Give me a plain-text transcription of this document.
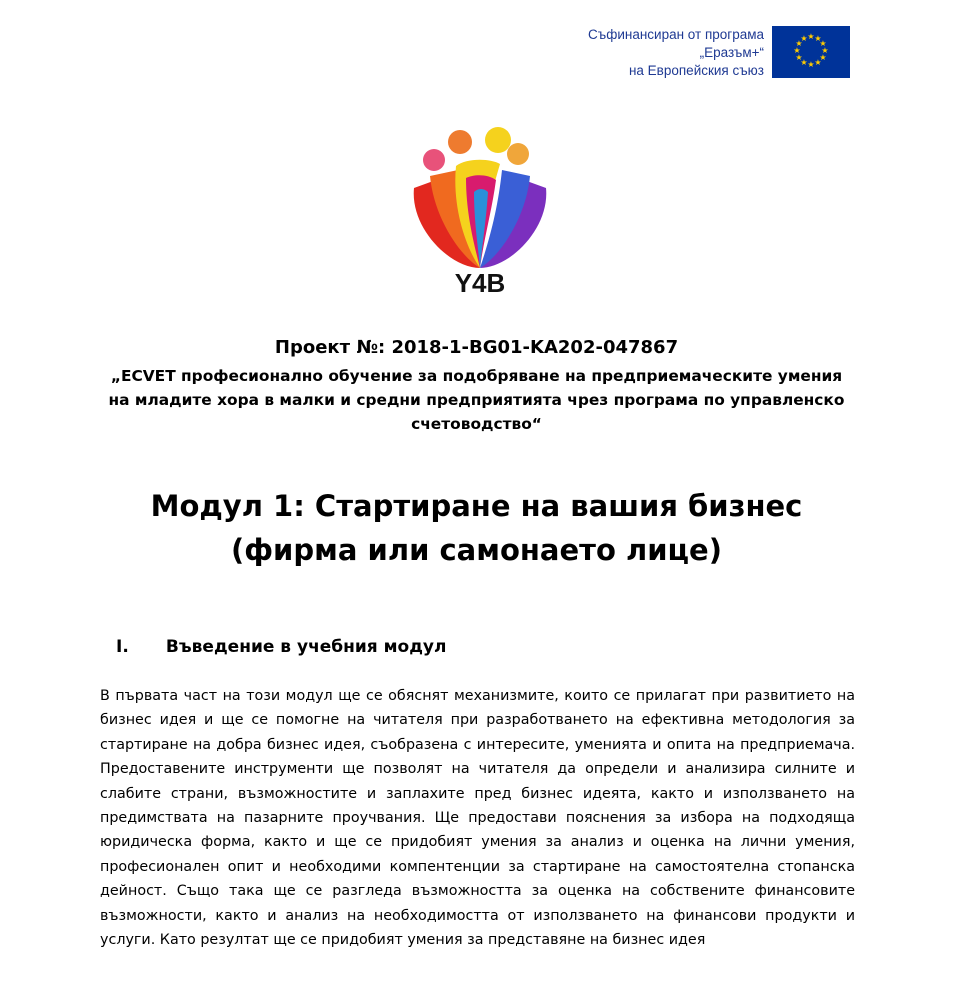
Съфинансиран от програма
„Еразъм+“
на Европейския съюз
★ ★
★
★
★
★
★
★
★
★
★
★
Y4B
Проект №: 2018-1-BG01-KA202-047867
„ECVET професионално обучение за подобряване на предприемаческите умения на младите хора в малки и средни предприятията чрез програма по управленско счетоводство“
Модул 1: Стартиране на вашия бизнес
(фирма или самонаето лице)
I. Въведение в учебния модул

В първата част на този модул ще се обяснят механизмите, които се прилагат при развитието на бизнес идея и ще се помогне на читателя при разработването на ефективна методология за стартиране на добра бизнес идея, съобразена с интересите, уменията и опита на предприемача. Предоставените инструменти ще позволят на читателя да определи и анализира силните и слабите страни, възможностите и заплахите пред бизнес идеята, както и използването на предимствата на пазарните проучвания. Ще предостави пояснения за избора на подходяща юридическа форма, както и ще се придобият умения за анализ и оценка на лични умения, професионален опит и необходими компентенции за стартиране на самостоятелна стопанска дейност. Също така ще се разгледа възможността за оценка на собствените финансовите възможности, както и анализ на необходимостта от използването на финансови продукти и услуги. Като резултат ще се придобият умения за представяне на бизнес идея
